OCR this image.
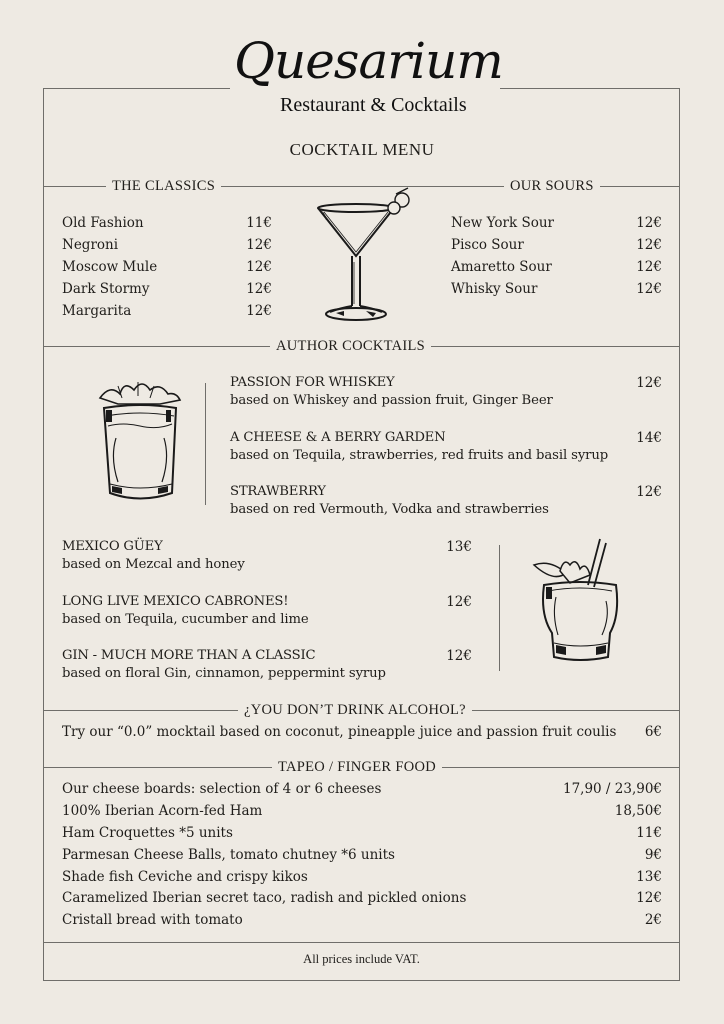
Quesarium
Restaurant & Cocktails
COCKTAIL MENU
THE CLASSICS	OUR SOURS
Old Fashion	11€
Negroni	12€
Moscow Mule	12€
Dark Stormy	12€
Margarita	12€
New York Sour	12€
Pisco Sour	12€
Amaretto Sour	12€
Whisky Sour	12€
AUTHOR COCKTAILS
PASSION FOR WHISKEY
based on Whiskey and passion fruit, Ginger Beer
12€
A CHEESE & A BERRY GARDEN
based on Tequila, strawberries, red fruits and basil syrup
14€
STRAWBERRY
based on red Vermouth, Vodka and strawberries
12€
MEXICO GÜEY
based on Mezcal and honey
13€
LONG LIVE MEXICO CABRONES!
based on Tequila, cucumber and lime
12€
GIN - MUCH MORE THAN A CLASSIC
based on floral Gin, cinnamon, peppermint syrup
12€
¿YOU DON’T DRINK ALCOHOL?
Try our “0.0” mocktail based on coconut, pineapple juice and passion fruit coulis	6€
TAPEO / FINGER FOOD
Our cheese boards: selection of 4 or 6 cheeses	17,90 / 23,90€
100% Iberian Acorn-fed Ham	18,50€
Ham Croquettes *5 units	11€
Parmesan Cheese Balls, tomato chutney *6 units	9€
Shade fish Ceviche and crispy kikos	13€
Caramelized Iberian secret taco, radish and pickled onions	12€
Cristall bread with tomato	2€
All prices include VAT.
